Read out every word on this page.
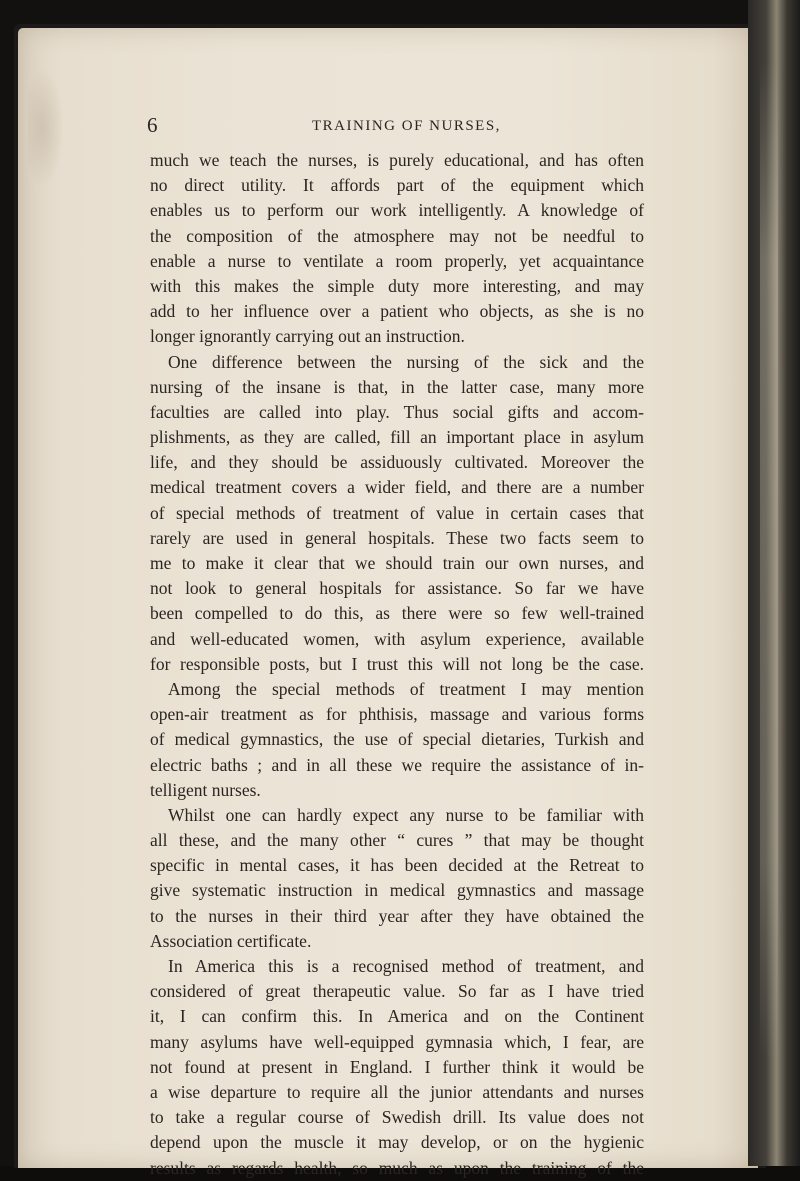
6	TRAINING OF NURSES,
much we teach the nurses, is purely educational, and has often
no direct utility. It affords part of the equipment which
enables us to perform our work intelligently. A knowledge of
the composition of the atmosphere may not be needful to
enable a nurse to ventilate a room properly, yet acquaintance
with this makes the simple duty more interesting, and may
add to her influence over a patient who objects, as she is no
longer ignorantly carrying out an instruction.
One difference between the nursing of the sick and the
nursing of the insane is that, in the latter case, many more
faculties are called into play. Thus social gifts and accom-
plishments, as they are called, fill an important place in asylum
life, and they should be assiduously cultivated. Moreover the
medical treatment covers a wider field, and there are a number
of special methods of treatment of value in certain cases that
rarely are used in general hospitals. These two facts seem to
me to make it clear that we should train our own nurses, and
not look to general hospitals for assistance. So far we have
been compelled to do this, as there were so few well-trained
and well-educated women, with asylum experience, available
for responsible posts, but I trust this will not long be the case.
Among the special methods of treatment I may mention
open-air treatment as for phthisis, massage and various forms
of medical gymnastics, the use of special dietaries, Turkish and
electric baths ; and in all these we require the assistance of in-
telligent nurses.
Whilst one can hardly expect any nurse to be familiar with
all these, and the many other “ cures ” that may be thought
specific in mental cases, it has been decided at the Retreat to
give systematic instruction in medical gymnastics and massage
to the nurses in their third year after they have obtained the
Association certificate.
In America this is a recognised method of treatment, and
considered of great therapeutic value. So far as I have tried
it, I can confirm this. In America and on the Continent
many asylums have well-equipped gymnasia which, I fear, are
not found at present in England. I further think it would be
a wise departure to require all the junior attendants and nurses
to take a regular course of Swedish drill. Its value does not
depend upon the muscle it may develop, or on the hygienic
results as regards health, so much as upon the training of the
